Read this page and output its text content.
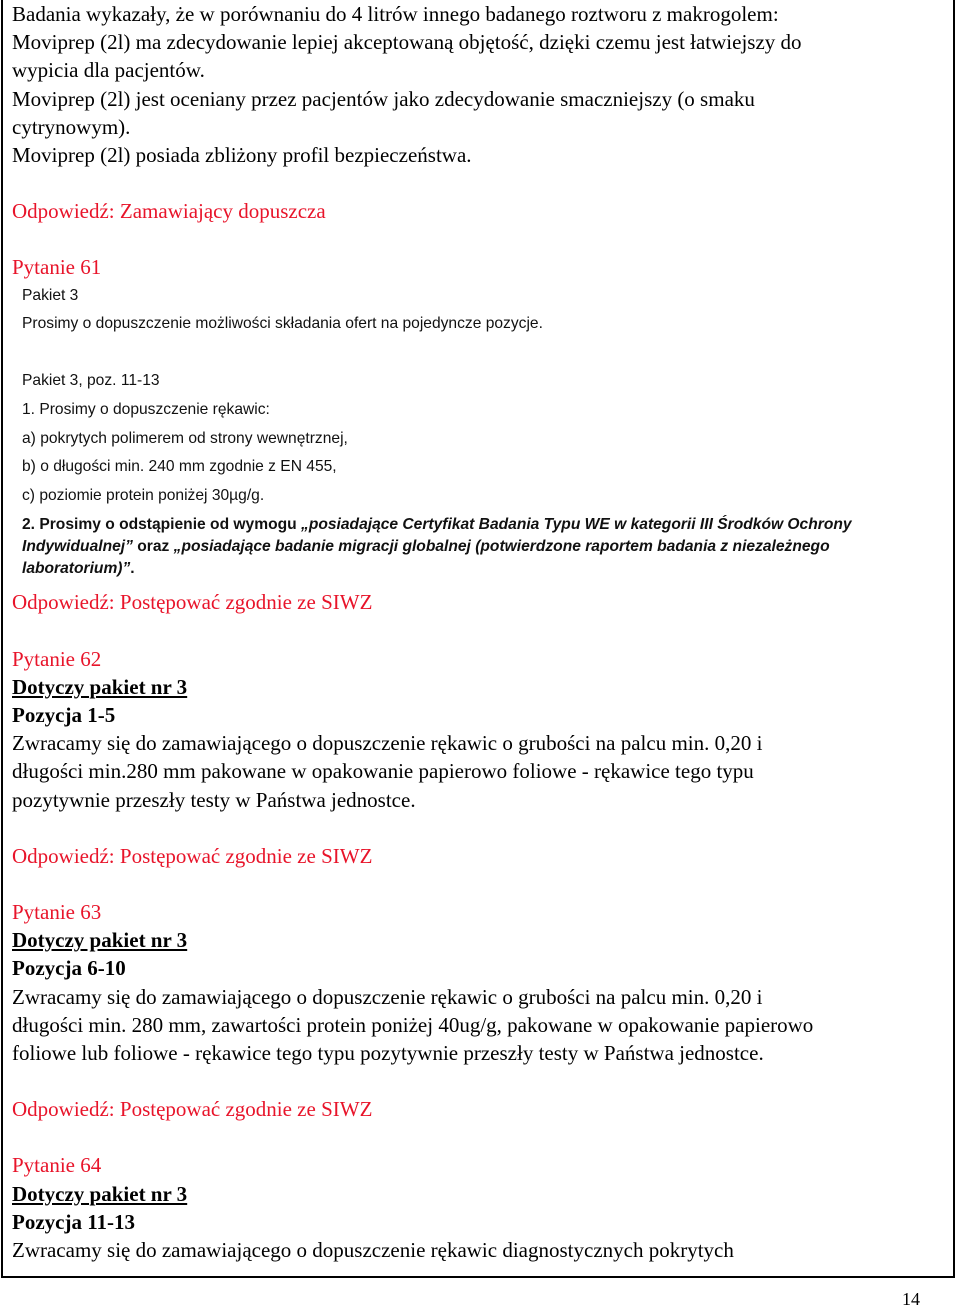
Badania wykazały, że w porównaniu do 4 litrów innego badanego roztworu z makrogolem:

Moviprep (2l) ma zdecydowanie lepiej akceptowaną objętość, dzięki czemu jest łatwiejszy do

wypicia dla pacjentów.

Moviprep (2l) jest oceniany przez pacjentów jako zdecydowanie smaczniejszy (o smaku

cytrynowym).

Moviprep (2l) posiada zbliżony profil bezpieczeństwa.

Odpowiedź: Zamawiający dopuszcza

Pytanie 61

Pakiet 3
Prosimy o dopuszczenie możliwości składania ofert na pojedyncze pozycje.
Pakiet 3, poz. 11-13
1. Prosimy o dopuszczenie rękawic:
a) pokrytych polimerem od strony wewnętrznej,
b) o długości min. 240 mm zgodnie z EN 455,
c) poziomie protein poniżej 30µg/g.
2. Prosimy o odstąpienie od wymogu „posiadające Certyfikat Badania Typu WE w kategorii III Środków Ochrony
Indywidualnej” oraz „posiadające badanie migracji globalnej (potwierdzone raportem badania z niezależnego
laboratorium)”.

Odpowiedź: Postępować zgodnie ze SIWZ

Pytanie 62

Dotyczy pakiet nr 3

Pozycja 1-5

Zwracamy się do zamawiającego o dopuszczenie rękawic o grubości na palcu min. 0,20 i

długości min.280 mm pakowane w opakowanie papierowo foliowe - rękawice tego typu

pozytywnie przeszły testy w Państwa jednostce.

Odpowiedź: Postępować zgodnie ze SIWZ

Pytanie 63

Dotyczy pakiet nr 3

Pozycja 6-10

Zwracamy się do zamawiającego o dopuszczenie rękawic o grubości na palcu min. 0,20 i

długości min. 280 mm, zawartości protein poniżej 40ug/g, pakowane w opakowanie papierowo

foliowe lub foliowe - rękawice tego typu pozytywnie przeszły testy w Państwa jednostce.

Odpowiedź: Postępować zgodnie ze SIWZ

Pytanie 64

Dotyczy pakiet nr 3

Pozycja 11-13

Zwracamy się do zamawiającego o dopuszczenie rękawic diagnostycznych pokrytych

14
